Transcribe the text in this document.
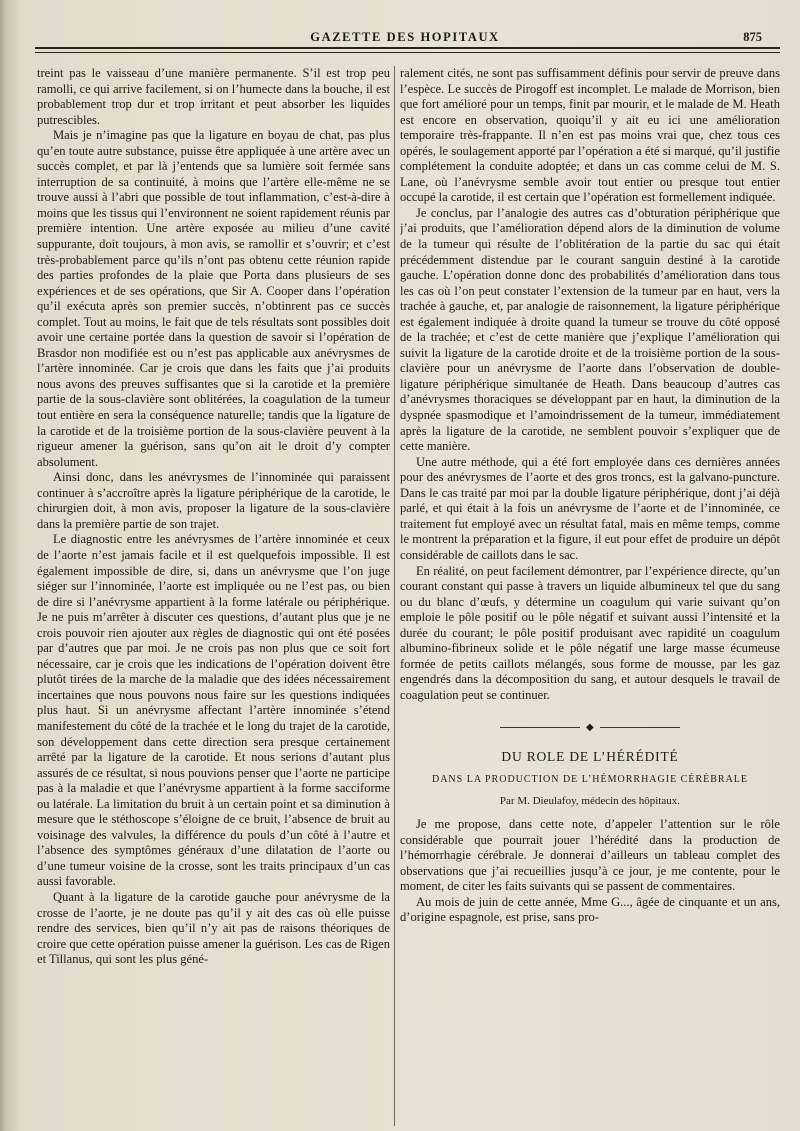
GAZETTE DES HOPITAUX	875

treint pas le vaisseau d’une manière permanente. S’il est trop peu ramolli, ce qui arrive facilement, si on l’humecte dans la bouche, il est probablement trop dur et trop irritant et peut absorber les liquides putrescibles.

Mais je n’imagine pas que la ligature en boyau de chat, pas plus qu’en toute autre substance, puisse être appliquée à une artère avec un succès complet, et par là j’entends que sa lumière soit fermée sans interruption de sa continuité, à moins que l’artère elle-même ne se trouve aussi à l’abri que possible de tout inflammation, c’est-à-dire à moins que les tissus qui l’environnent ne soient rapidement réunis par première intention. Une artère exposée au milieu d’une cavité suppurante, doit toujours, à mon avis, se ramollir et s’ouvrir; et c’est très-probablement parce qu’ils n’ont pas obtenu cette réunion rapide des parties profondes de la plaie que Porta dans plusieurs de ses expériences et de ses opérations, que Sir A. Cooper dans l’opération qu’il exécuta après son premier succès, n’obtinrent pas ce succès complet. Tout au moins, le fait que de tels résultats sont possibles doit avoir une certaine portée dans la question de savoir si l’opération de Brasdor non modifiée est ou n’est pas applicable aux anévrysmes de l’artère innominée. Car je crois que dans les faits que j’ai produits nous avons des preuves suffisantes que si la carotide et la première partie de la sous-clavière sont oblitérées, la coagulation de la tumeur tout entière en sera la conséquence naturelle; tandis que la ligature de la carotide et de la troisième portion de la sous-clavière peuvent à la rigueur amener la guérison, sans qu’on ait le droit d’y compter absolument.

Ainsi donc, dans les anévrysmes de l’innominée qui paraissent continuer à s’accroître après la ligature périphérique de la carotide, le chirurgien doit, à mon avis, proposer la ligature de la sous-clavière dans la première partie de son trajet.

Le diagnostic entre les anévrysmes de l’artère innominée et ceux de l’aorte n’est jamais facile et il est quelquefois impossible. Il est également impossible de dire, si, dans un anévrysme que l’on juge siéger sur l’innominée, l’aorte est impliquée ou ne l’est pas, ou bien de dire si l’anévrysme appartient à la forme latérale ou périphérique. Je ne puis m’arrêter à discuter ces questions, d’autant plus que je ne crois pouvoir rien ajouter aux règles de diagnostic qui ont été posées par d’autres que par moi. Je ne crois pas non plus que ce soit fort nécessaire, car je crois que les indications de l’opération doivent être plutôt tirées de la marche de la maladie que des idées nécessairement incertaines que nous pouvons nous faire sur les questions indiquées plus haut. Si un anévrysme affectant l’artère innominée s’étend manifestement du côté de la trachée et le long du trajet de la carotide, son développement dans cette direction sera presque certainement arrêté par la ligature de la carotide. Et nous serions d’autant plus assurés de ce résultat, si nous pouvions penser que l’aorte ne participe pas à la maladie et que l’anévrysme appartient à la forme sacciforme ou latérale. La limitation du bruit à un certain point et sa diminution à mesure que le stéthoscope s’éloigne de ce bruit, l’absence de bruit au voisinage des valvules, la différence du pouls d’un côté à l’autre et l’absence des symptômes généraux d’une dilatation de l’aorte ou d’une tumeur voisine de la crosse, sont les traits principaux d’un cas aussi favorable.

Quant à la ligature de la carotide gauche pour anévrysme de la crosse de l’aorte, je ne doute pas qu’il y ait des cas où elle puisse rendre des services, bien qu’il n’y ait pas de raisons théoriques de croire que cette opération puisse amener la guérison. Les cas de Rigen et Tillanus, qui sont les plus géné-

ralement cités, ne sont pas suffisamment définis pour servir de preuve dans l’espèce. Le succès de Pirogoff est incomplet. Le malade de Morrison, bien que fort amélioré pour un temps, finit par mourir, et le malade de M. Heath est encore en observation, quoiqu’il y ait eu ici une amélioration temporaire très-frappante. Il n’en est pas moins vrai que, chez tous ces opérés, le soulagement apporté par l’opération a été si marqué, qu’il justifie complétement la conduite adoptée; et dans un cas comme celui de M. S. Lane, où l’anévrysme semble avoir tout entier ou presque tout entier occupé la carotide, il est certain que l’opération est formellement indiquée.

Je conclus, par l’analogie des autres cas d’obturation périphérique que j’ai produits, que l’amélioration dépend alors de la diminution de volume de la tumeur qui résulte de l’oblitération de la partie du sac qui était précédemment distendue par le courant sanguin destiné à la carotide gauche. L’opération donne donc des probabilités d’amélioration dans tous les cas où l’on peut constater l’extension de la tumeur par en haut, vers la trachée à gauche, et, par analogie de raisonnement, la ligature périphérique est également indiquée à droite quand la tumeur se trouve du côté opposé de la trachée; et c’est de cette manière que j’explique l’amélioration qui suivit la ligature de la carotide droite et de la troisième portion de la sous-clavière pour un anévrysme de l’aorte dans l’observation de double-ligature périphérique simultanée de Heath. Dans beaucoup d’autres cas d’anévrysmes thoraciques se développant par en haut, la diminution de la dyspnée spasmodique et l’amoindrissement de la tumeur, immédiatement après la ligature de la carotide, ne semblent pouvoir s’expliquer que de cette manière.

Une autre méthode, qui a été fort employée dans ces dernières années pour des anévrysmes de l’aorte et des gros troncs, est la galvano-puncture. Dans le cas traité par moi par la double ligature périphérique, dont j’ai déjà parlé, et qui était à la fois un anévrysme de l’aorte et de l’innominée, ce traitement fut employé avec un résultat fatal, mais en même temps, comme le montrent la préparation et la figure, il eut pour effet de produire un dépôt considérable de caillots dans le sac.

En réalité, on peut facilement démontrer, par l’expérience directe, qu’un courant constant qui passe à travers un liquide albumineux tel que du sang ou du blanc d’œufs, y détermine un coagulum qui varie suivant qu’on emploie le pôle positif ou le pôle négatif et suivant aussi l’intensité et la durée du courant; le pôle positif produisant avec rapidité un coagulum albumino-fibrineux solide et le pôle négatif une large masse écumeuse formée de petits caillots mélangés, sous forme de mousse, par les gaz engendrés dans la décomposition du sang, et autour desquels le travail de coagulation peut se continuer.

◆

DU ROLE DE L’HÉRÉDITÉ

DANS LA PRODUCTION DE L’HÉMORRHAGIE CÉRÉBRALE

Par M. Dieulafoy, médecin des hôpitaux.

Je me propose, dans cette note, d’appeler l’attention sur le rôle considérable que pourrait jouer l’hérédité dans la production de l’hémorrhagie cérébrale. Je donnerai d’ailleurs un tableau complet des observations que j’ai recueillies jusqu’à ce jour, je me contente, pour le moment, de citer les faits suivants qui se passent de commentaires.

Au mois de juin de cette année, Mme G..., âgée de cinquante et un ans, d’origine espagnole, est prise, sans pro-
